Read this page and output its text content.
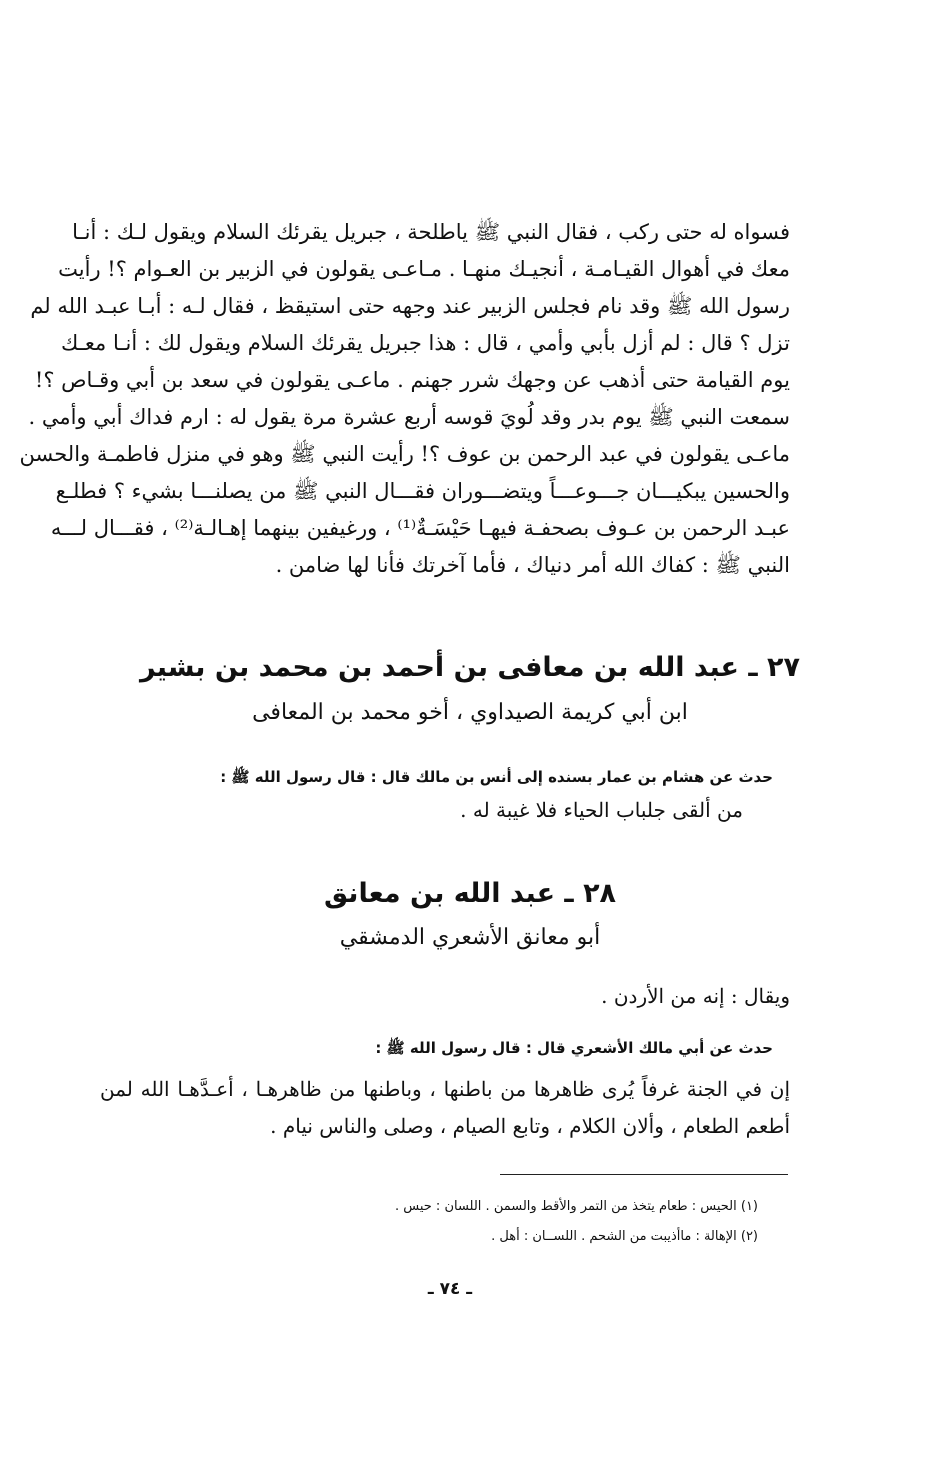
فسواه له حتى ركب ، فقال النبي ﷺ ياطلحة ، جبريل يقرئك السلام ويقول لـك : أنـا
معك في أهوال القيـامـة ، أنجيـك منهـا . مـاعـى يقولون في الزبير بن العـوام ؟! رأيت
رسول الله ﷺ وقد نام فجلس الزبير عند وجهه حتى استيقظ ، فقال لـه : أبـا عبـد الله لم
تزل ؟ قال : لم أزل بأبي وأمي ، قال : هذا جبريل يقرئك السلام ويقول لك : أنـا معـك
يوم القيامة حتى أذهب عن وجهك شرر جهنم . ماعـى يقولون في سعد بن أبي وقـاص ؟!
سمعت النبي ﷺ يوم بدر وقد لُويَ قوسه أربع عشرة مرة يقول له : ارم فداك أبي وأمي .
ماعـى يقولون في عبد الرحمن بن عوف ؟! رأيت النبي ﷺ وهو في منزل فاطمـة والحسن
والحسين يبكيـــان جـــوعـــاً ويتضـــوران فقـــال النبي ﷺ من يصلنـــا بشيء ؟ فطلـع
عبـد الرحمن بن عـوف بصحفـة فيهـا حَيْسَـةٌ⁽¹⁾ ، ورغيفين بينهما إهـالـة⁽²⁾ ، فقـــال لـــه
النبي ﷺ : كفاك الله أمر دنياك ، فأما آخرتك فأنا لها ضامن .
٢٧ ـ عبد الله بن معافى بن أحمد بن محمد بن بشير
ابن أبي كريمة الصيداوي ، أخو محمد بن المعافى
حدث عن هشام بن عمار بسنده إلى أنس بن مالك قال : قال رسول الله ﷺ :
من ألقى جلباب الحياء فلا غيبة له .
٢٨ ـ عبد الله بن معانق
أبو معانق الأشعري الدمشقي
ويقال : إنه من الأردن .
حدث عن أبي مالك الأشعري قال : قال رسول الله ﷺ :
إن في الجنة غرفاً يُرى ظاهرها من باطنها ، وباطنها من ظاهرهـا ، أعـدَّهـا الله لمن
أطعم الطعام ، وألان الكلام ، وتابع الصيام ، وصلى والناس نيام .
(١) الحيس : طعام يتخذ من التمر والأقط والسمن . اللسان : حيس .
(٢) الإهالة : ماأذيبت من الشحم . اللســان : أهل .
ـ ٧٤ ـ
